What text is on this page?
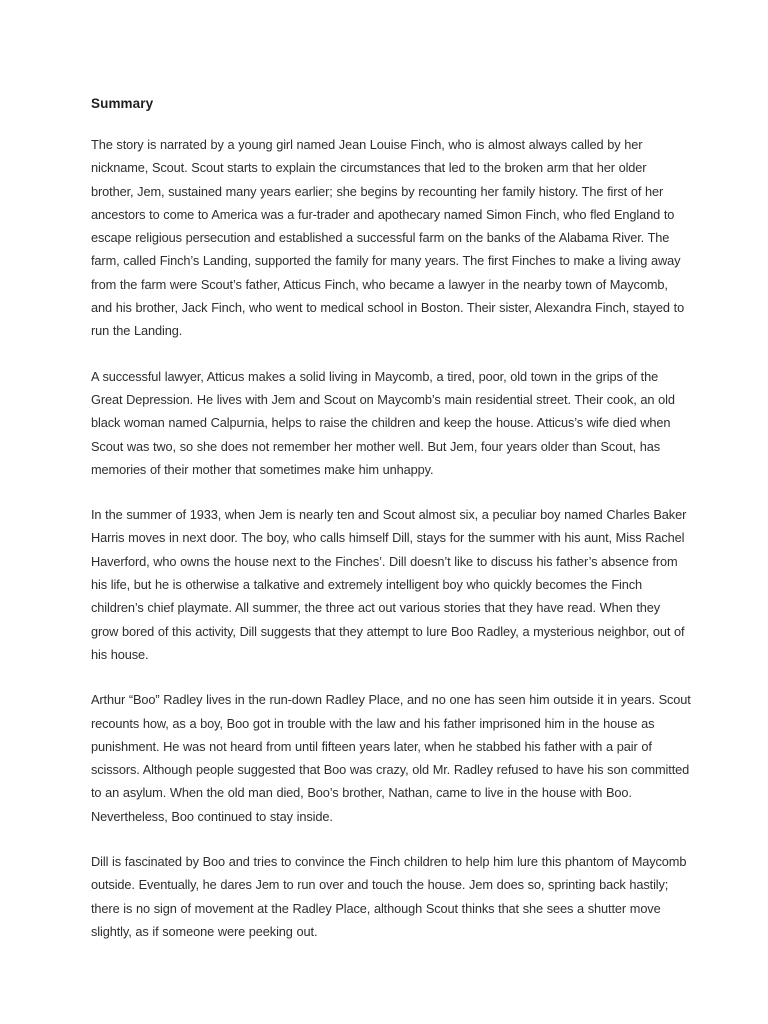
Summary

The story is narrated by a young girl named Jean Louise Finch, who is almost always called by her nickname, Scout. Scout starts to explain the circumstances that led to the broken arm that her older brother, Jem, sustained many years earlier; she begins by recounting her family history. The first of her ancestors to come to America was a fur-trader and apothecary named Simon Finch, who fled England to escape religious persecution and established a successful farm on the banks of the Alabama River. The farm, called Finch’s Landing, supported the family for many years. The first Finches to make a living away from the farm were Scout’s father, Atticus Finch, who became a lawyer in the nearby town of Maycomb, and his brother, Jack Finch, who went to medical school in Boston. Their sister, Alexandra Finch, stayed to run the Landing.

A successful lawyer, Atticus makes a solid living in Maycomb, a tired, poor, old town in the grips of the Great Depression. He lives with Jem and Scout on Maycomb’s main residential street. Their cook, an old black woman named Calpurnia, helps to raise the children and keep the house. Atticus’s wife died when Scout was two, so she does not remember her mother well. But Jem, four years older than Scout, has memories of their mother that sometimes make him unhappy.

In the summer of 1933, when Jem is nearly ten and Scout almost six, a peculiar boy named Charles Baker Harris moves in next door. The boy, who calls himself Dill, stays for the summer with his aunt, Miss Rachel Haverford, who owns the house next to the Finches’. Dill doesn’t like to discuss his father’s absence from his life, but he is otherwise a talkative and extremely intelligent boy who quickly becomes the Finch children’s chief playmate. All summer, the three act out various stories that they have read. When they grow bored of this activity, Dill suggests that they attempt to lure Boo Radley, a mysterious neighbor, out of his house.

Arthur “Boo” Radley lives in the run-down Radley Place, and no one has seen him outside it in years. Scout recounts how, as a boy, Boo got in trouble with the law and his father imprisoned him in the house as punishment. He was not heard from until fifteen years later, when he stabbed his father with a pair of scissors. Although people suggested that Boo was crazy, old Mr. Radley refused to have his son committed to an asylum. When the old man died, Boo’s brother, Nathan, came to live in the house with Boo. Nevertheless, Boo continued to stay inside.

Dill is fascinated by Boo and tries to convince the Finch children to help him lure this phantom of Maycomb outside. Eventually, he dares Jem to run over and touch the house. Jem does so, sprinting back hastily; there is no sign of movement at the Radley Place, although Scout thinks that she sees a shutter move slightly, as if someone were peeking out.
